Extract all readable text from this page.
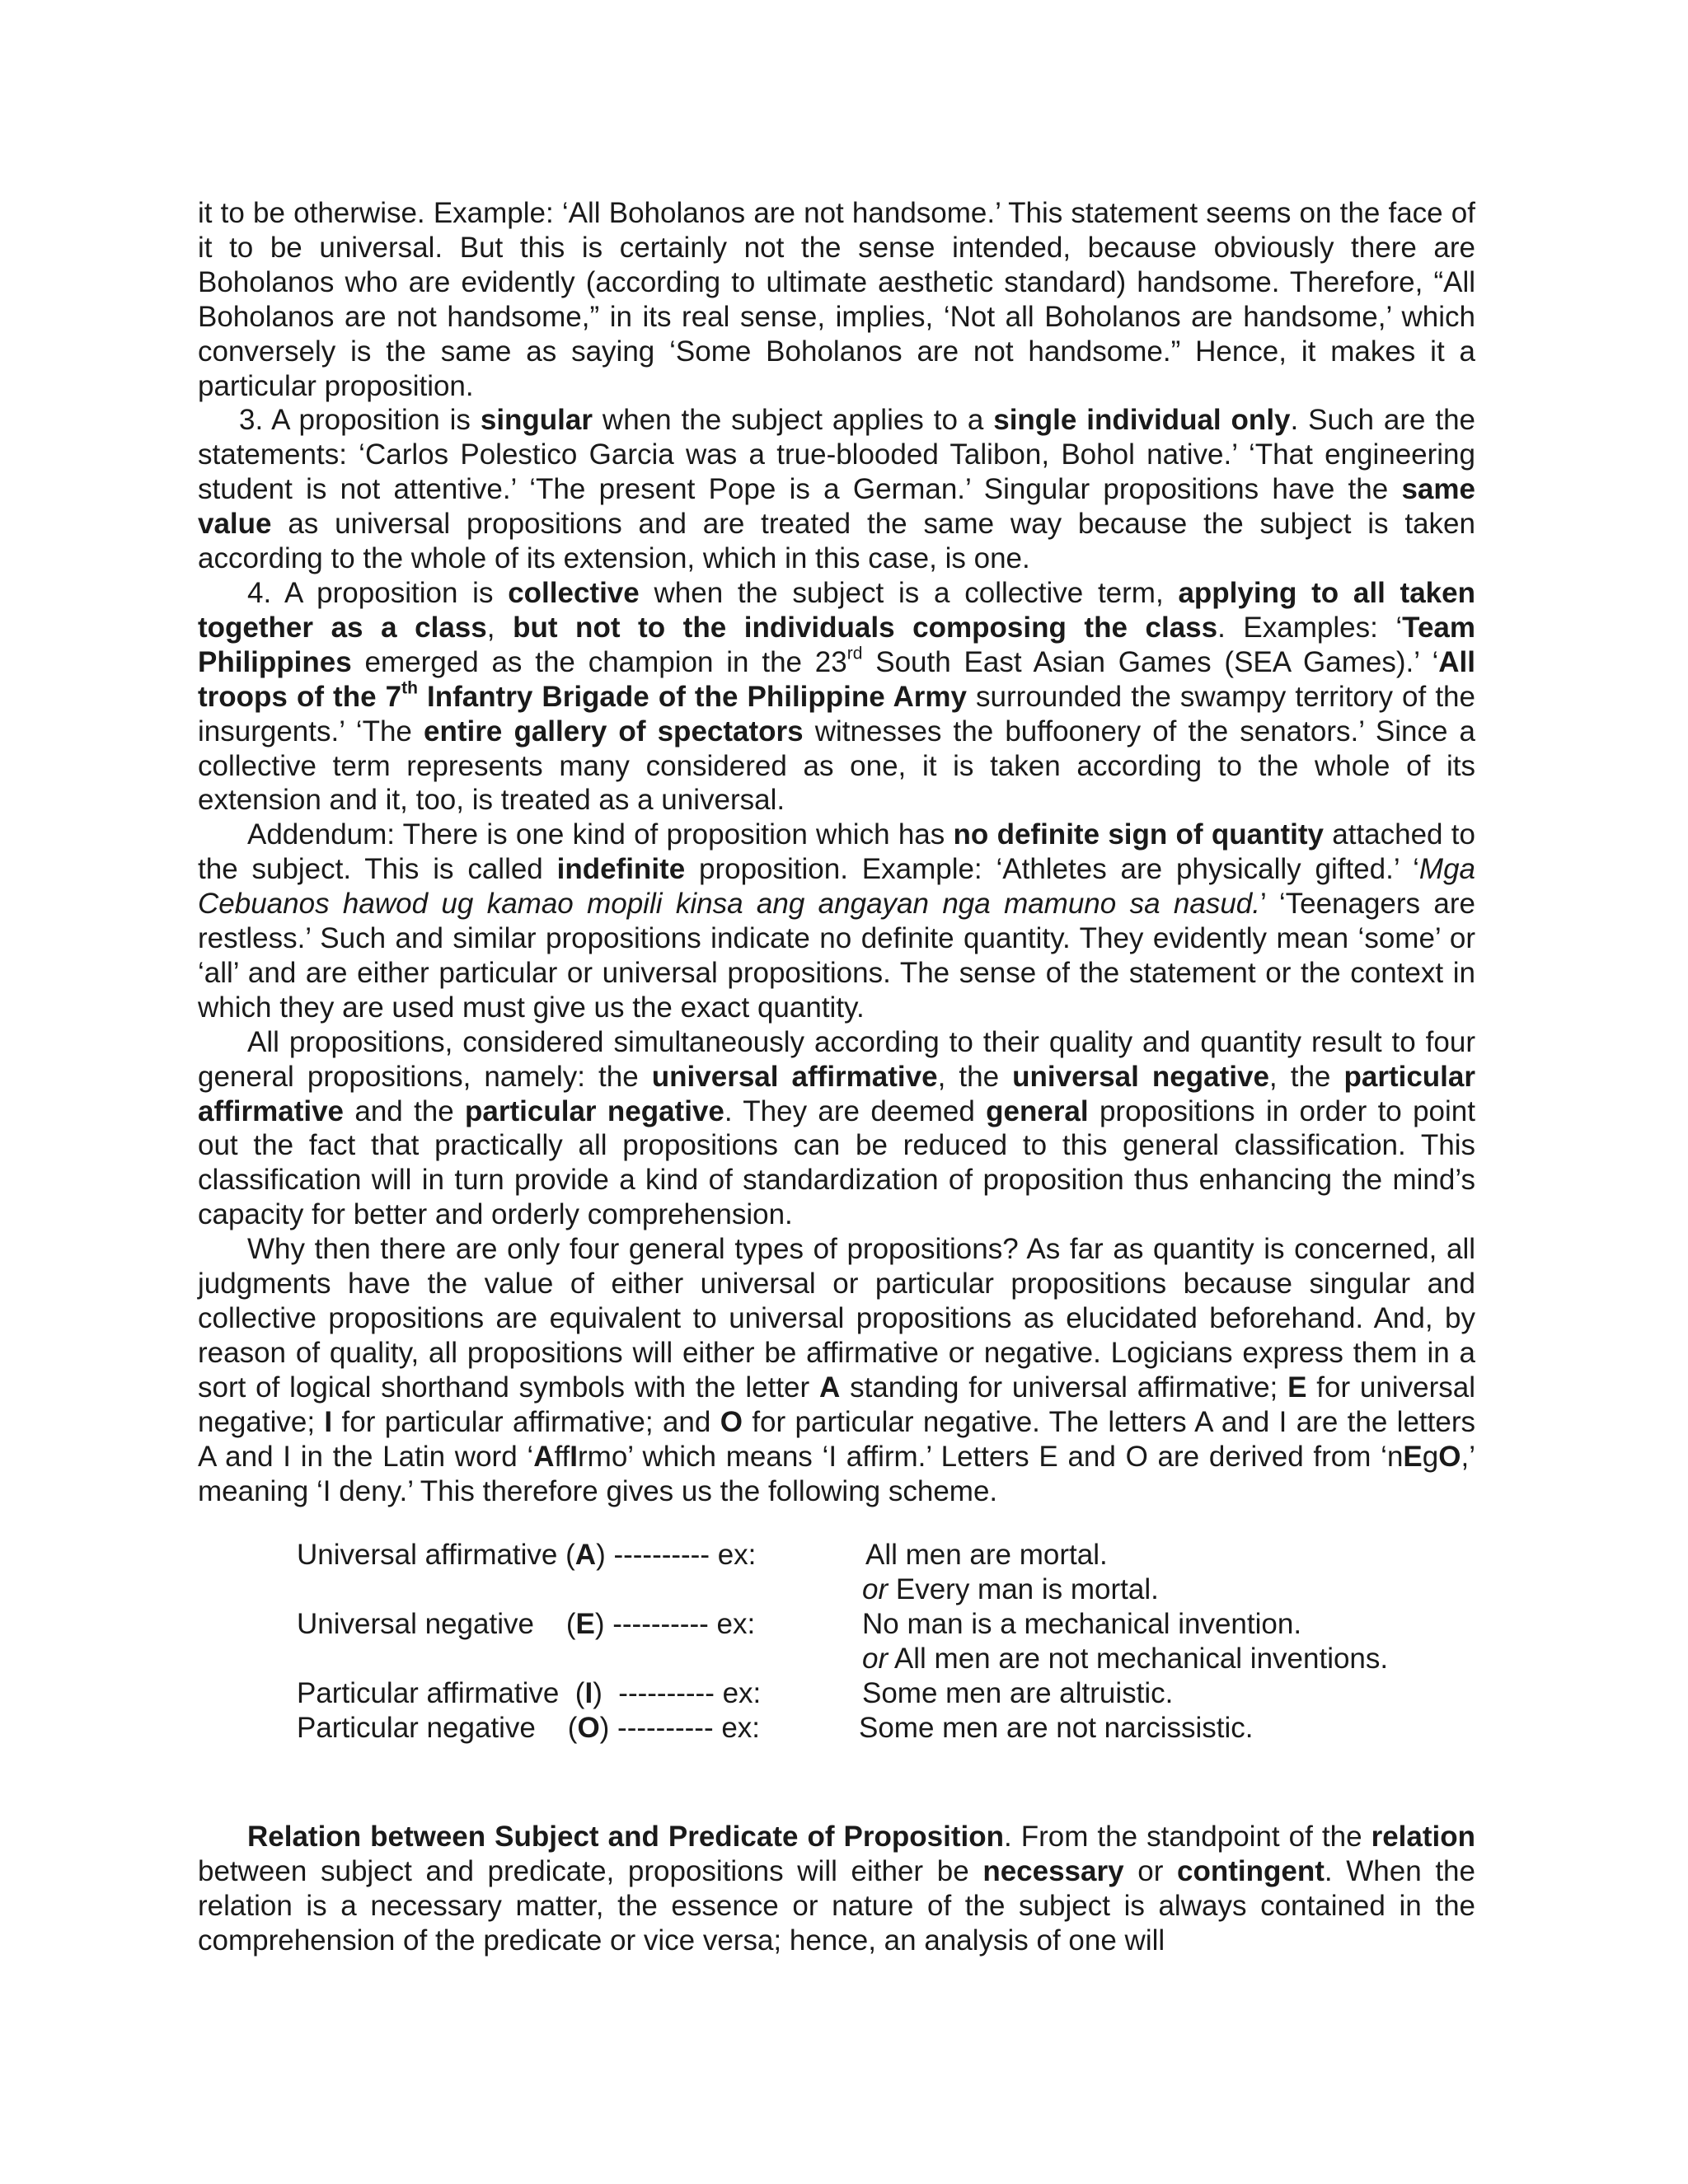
it to be otherwise. Example: ‘All Boholanos are not handsome.’ This statement seems on the face of it to be universal. But this is certainly not the sense intended, because obviously there are Boholanos who are evidently (according to ultimate aesthetic standard) handsome. Therefore, “All Boholanos are not handsome,” in its real sense, implies, ‘Not all Boholanos are handsome,’ which conversely is the same as saying ‘Some Boholanos are not handsome.” Hence, it makes it a particular proposition.

3. A proposition is singular when the subject applies to a single individual only. Such are the statements: ‘Carlos Polestico Garcia was a true-blooded Talibon, Bohol native.’ ‘That engineering student is not attentive.’ ‘The present Pope is a German.’ Singular propositions have the same value as universal propositions and are treated the same way because the subject is taken according to the whole of its extension, which in this case, is one.

4. A proposition is collective when the subject is a collective term, applying to all taken together as a class, but not to the individuals composing the class. Examples: ‘Team Philippines emerged as the champion in the 23rd South East Asian Games (SEA Games).’ ‘All troops of the 7th Infantry Brigade of the Philippine Army surrounded the swampy territory of the insurgents.’ ‘The entire gallery of spectators witnesses the buffoonery of the senators.’ Since a collective term represents many considered as one, it is taken according to the whole of its extension and it, too, is treated as a universal.

Addendum: There is one kind of proposition which has no definite sign of quantity attached to the subject. This is called indefinite proposition. Example: ‘Athletes are physically gifted.’ ‘Mga Cebuanos hawod ug kamao mopili kinsa ang angayan nga mamuno sa nasud.’ ‘Teenagers are restless.’ Such and similar propositions indicate no definite quantity. They evidently mean ‘some’ or ‘all’ and are either particular or universal propositions. The sense of the statement or the context in which they are used must give us the exact quantity.

All propositions, considered simultaneously according to their quality and quantity result to four general propositions, namely: the universal affirmative, the universal negative, the particular affirmative and the particular negative. They are deemed general propositions in order to point out the fact that practically all propositions can be reduced to this general classification. This classification will in turn provide a kind of standardization of proposition thus enhancing the mind’s capacity for better and orderly comprehension.

Why then there are only four general types of propositions? As far as quantity is concerned, all judgments have the value of either universal or particular propositions because singular and collective propositions are equivalent to universal propositions as elucidated beforehand. And, by reason of quality, all propositions will either be affirmative or negative. Logicians express them in a sort of logical shorthand symbols with the letter A standing for universal affirmative; E for universal negative; I for particular affirmative; and O for particular negative. The letters A and I are the letters A and I in the Latin word ‘AffIrmo’ which means ‘I affirm.’ Letters E and O are derived from ‘nEgO,’ meaning ‘I deny.’ This therefore gives us the following scheme.

Universal affirmative (A) ---------- ex:	All men are mortal.
or Every man is mortal.
Universal negative    (E) ---------- ex:	No man is a mechanical invention.
or All men are not mechanical inventions.
Particular affirmative  (I)  ---------- ex:	Some men are altruistic.
Particular negative    (O) ---------- ex:	Some men are not narcissistic.

Relation between Subject and Predicate of Proposition. From the standpoint of the relation between subject and predicate, propositions will either be necessary or contingent. When the relation is a necessary matter, the essence or nature of the subject is always contained in the comprehension of the predicate or vice versa; hence, an analysis of one will
